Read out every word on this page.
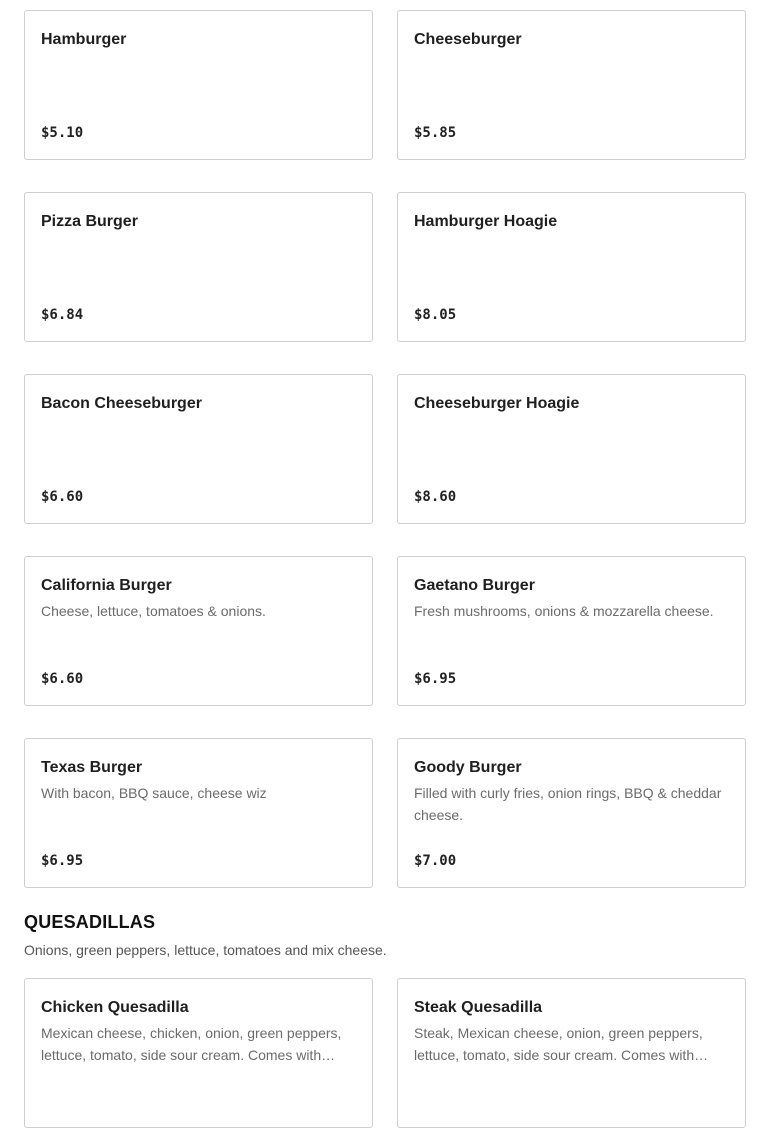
Hamburger
$5.10
Cheeseburger
$5.85
Pizza Burger
$6.84
Hamburger Hoagie
$8.05
Bacon Cheeseburger
$6.60
Cheeseburger Hoagie
$8.60
California Burger
Cheese, lettuce, tomatoes & onions.
$6.60
Gaetano Burger
Fresh mushrooms, onions & mozzarella cheese.
$6.95
Texas Burger
With bacon, BBQ sauce, cheese wiz
$6.95
Goody Burger
Filled with curly fries, onion rings, BBQ & cheddar cheese.
$7.00
QUESADILLAS
Onions, green peppers, lettuce, tomatoes and mix cheese.
Chicken Quesadilla
Mexican cheese, chicken, onion, green peppers, lettuce, tomato, side sour cream. Comes with…
Steak Quesadilla
Steak, Mexican cheese, onion, green peppers, lettuce, tomato, side sour cream. Comes with…
